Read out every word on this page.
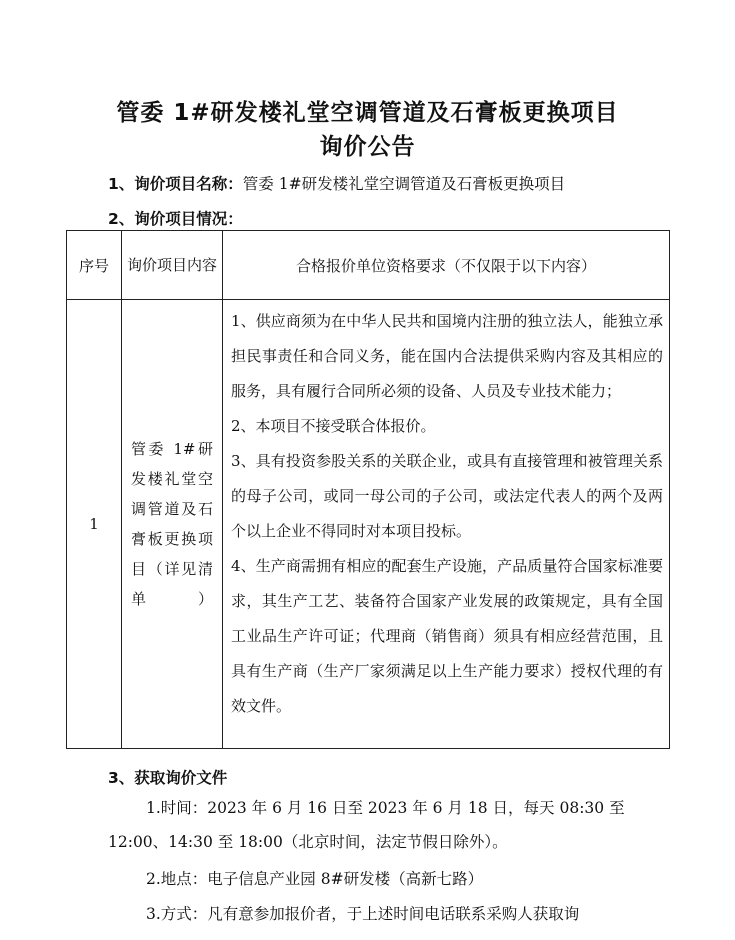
管委 1#研发楼礼堂空调管道及石膏板更换项目
询价公告
1、询价项目名称：管委 1#研发楼礼堂空调管道及石膏板更换项目
2、询价项目情况：
序号	询价项目内容	合格报价单位资格要求（不仅限于以下内容）
1	管委 1#研发楼礼堂空调管道及石膏板更换项目（详见清单）	1、供应商须为在中华人民共和国境内注册的独立法人，能独立承担民事责任和合同义务，能在国内合法提供采购内容及其相应的服务，具有履行合同所必须的设备、人员及专业技术能力；

2、本项目不接受联合体报价。

3、具有投资参股关系的关联企业，或具有直接管理和被管理关系的母子公司，或同一母公司的子公司，或法定代表人的两个及两个以上企业不得同时对本项目投标。

4、生产商需拥有相应的配套生产设施，产品质量符合国家标准要求，其生产工艺、装备符合国家产业发展的政策规定，具有全国工业品生产许可证；代理商（销售商）须具有相应经营范围，且具有生产商（生产厂家须满足以上生产能力要求）授权代理的有效文件。

3、获取询价文件
1.时间：2023 年 6 月 16 日至 2023 年 6 月 18 日，每天 08:30 至
12:00、14:30 至 18:00（北京时间，法定节假日除外）。
2.地点：电子信息产业园 8#研发楼（高新七路）
3.方式：凡有意参加报价者，于上述时间电话联系采购人获取询
